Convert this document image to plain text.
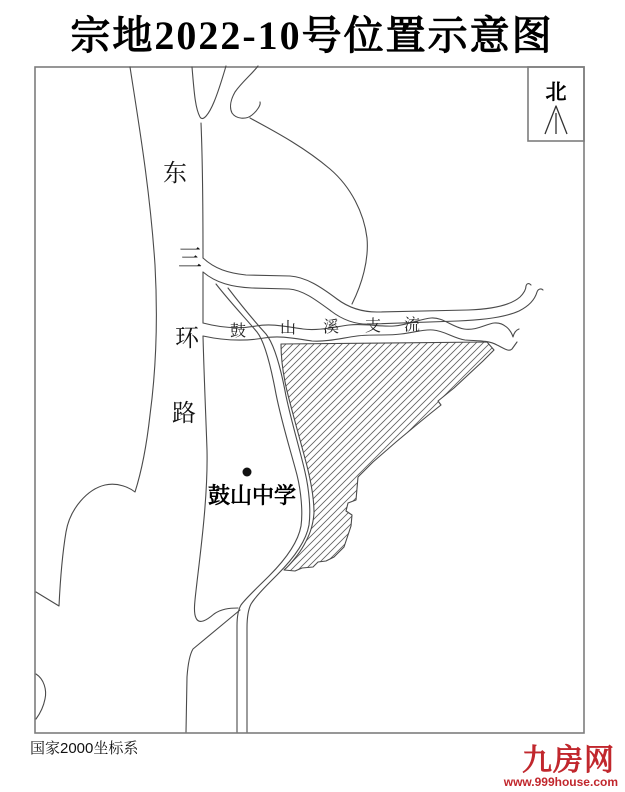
宗地2022-10号位置示意图
北
东
三
环
路
鼓 山 溪 支 流
鼓山中学
国家2000坐标系	九房网
www.999house.com
